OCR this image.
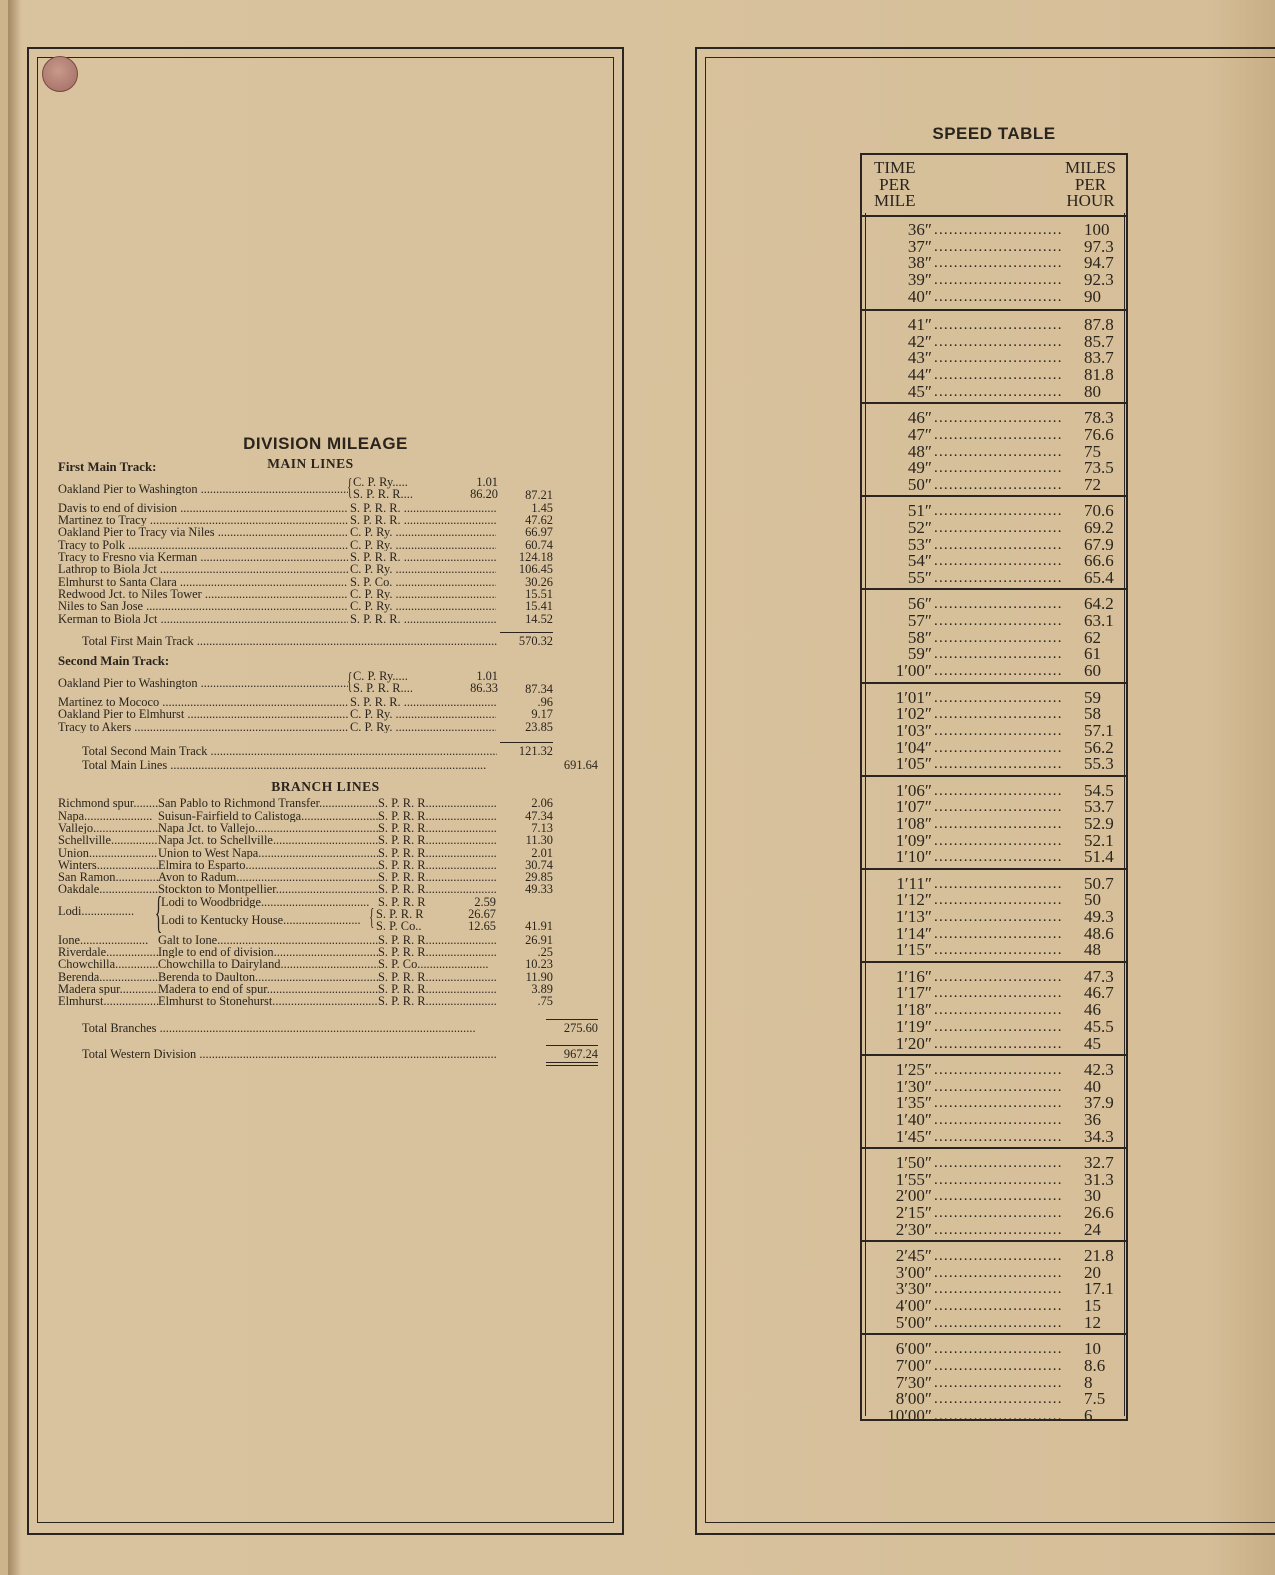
DIVISION MILEAGE
MAIN LINES
First Main Track:
Oakland Pier to Washington .....	{ C. P. Ry.....	1.01
S. P. R. R....	86.20	87.21
Davis to end of division .....	S. P. R. R. .....	1.45
Martinez to Tracy .....	S. P. R. R. .....	47.62
Oakland Pier to Tracy via Niles .....	C. P. Ry. .....	66.97
Tracy to Polk .....	C. P. Ry. .....	60.74
Tracy to Fresno via Kerman .....	S. P. R. R. .....	124.18
Lathrop to Biola Jct .....	C. P. Ry. .....	106.45
Elmhurst to Santa Clara .....	S. P. Co. .....	30.26
Redwood Jct. to Niles Tower .....	C. P. Ry. .....	15.51
Niles to San Jose .....	C. P. Ry. .....	15.41
Kerman to Biola Jct .....	S. P. R. R. .....	14.52
Total First Main Track .....	570.32
Second Main Track:
Oakland Pier to Washington .....	{ C. P. Ry.....	1.01
S. P. R. R....	86.33	87.34
Martinez to Mococo .....	S. P. R. R. .....	.96
Oakland Pier to Elmhurst .....	C. P. Ry. .....	9.17
Tracy to Akers .....	C. P. Ry. .....	23.85
Total Second Main Track .....	121.32
Total Main Lines .....	691.64
BRANCH LINES
Richmond spur. .....	San Pablo to Richmond Transfer. .....	S. P. R. R. .....	2.06
Napa .....	Suisun-Fairfield to Calistoga .....	S. P. R. R. .....	47.34
Vallejo .....	Napa Jct. to Vallejo .....	S. P. R. R. .....	7.13
Schellville .....	Napa Jct. to Schellville .....	S. P. R. R. .....	11.30
Union .....	Union to West Napa .....	S. P. R. R. .....	2.01
Winters .....	Elmira to Esparto .....	S. P. R. R. .....	30.74
San Ramon .....	Avon to Radum .....	S. P. R. R. .....	29.85
Oakdale .....	Stockton to Montpellier .....	S. P. R. R. .....	49.33
Lodi .....	{
Lodi to Woodbridge .....	S. P. R. R	2.59
Lodi to Kentucky House .....	{ S. P. R. R	26.67
S. P. Co..	12.65	41.91
Ione .....	Galt to Ione .....	S. P. R. R. .....	26.91
Riverdale .....	Ingle to end of division .....	S. P. R. R. .....	.25
Chowchilla .....	Chowchilla to Dairyland .....	S. P. Co. .....	10.23
Berenda .....	Berenda to Daulton .....	S. P. R. R. .....	11.90
Madera spur. .....	Madera to end of spur .....	S. P. R. R. .....	3.89
Elmhurst .....	Elmhurst to Stonehurst .....	S. P. R. R. .....	.75
Total Branches .....	275.60
Total Western Division .....	967.24
SPEED TABLE
TIME
PER
MILE
MILES
PER
HOUR
36″ .....	100
37″ .....	97.3
38″ .....	94.7
39″ .....	92.3
40″ .....	90
41″ .....	87.8
42″ .....	85.7
43″ .....	83.7
44″ .....	81.8
45″ .....	80
46″ .....	78.3
47″ .....	76.6
48″ .....	75
49″ .....	73.5
50″ .....	72
51″ .....	70.6
52″ .....	69.2
53″ .....	67.9
54″ .....	66.6
55″ .....	65.4
56″ .....	64.2
57″ .....	63.1
58″ .....	62
59″ .....	61
1′00″ .....	60
1′01″ .....	59
1′02″ .....	58
1′03″ .....	57.1
1′04″ .....	56.2
1′05″ .....	55.3
1′06″ .....	54.5
1′07″ .....	53.7
1′08″ .....	52.9
1′09″ .....	52.1
1′10″ .....	51.4
1′11″ .....	50.7
1′12″ .....	50
1′13″ .....	49.3
1′14″ .....	48.6
1′15″ .....	48
1′16″ .....	47.3
1′17″ .....	46.7
1′18″ .....	46
1′19″ .....	45.5
1′20″ .....	45
1′25″ .....	42.3
1′30″ .....	40
1′35″ .....	37.9
1′40″ .....	36
1′45″ .....	34.3
1′50″ .....	32.7
1′55″ .....	31.3
2′00″ .....	30
2′15″ .....	26.6
2′30″ .....	24
2′45″ .....	21.8
3′00″ .....	20
3′30″ .....	17.1
4′00″ .....	15
5′00″ .....	12
6′00″ .....	10
7′00″ .....	8.6
7′30″ .....	8
8′00″ .....	7.5
10′00″ .....	6
